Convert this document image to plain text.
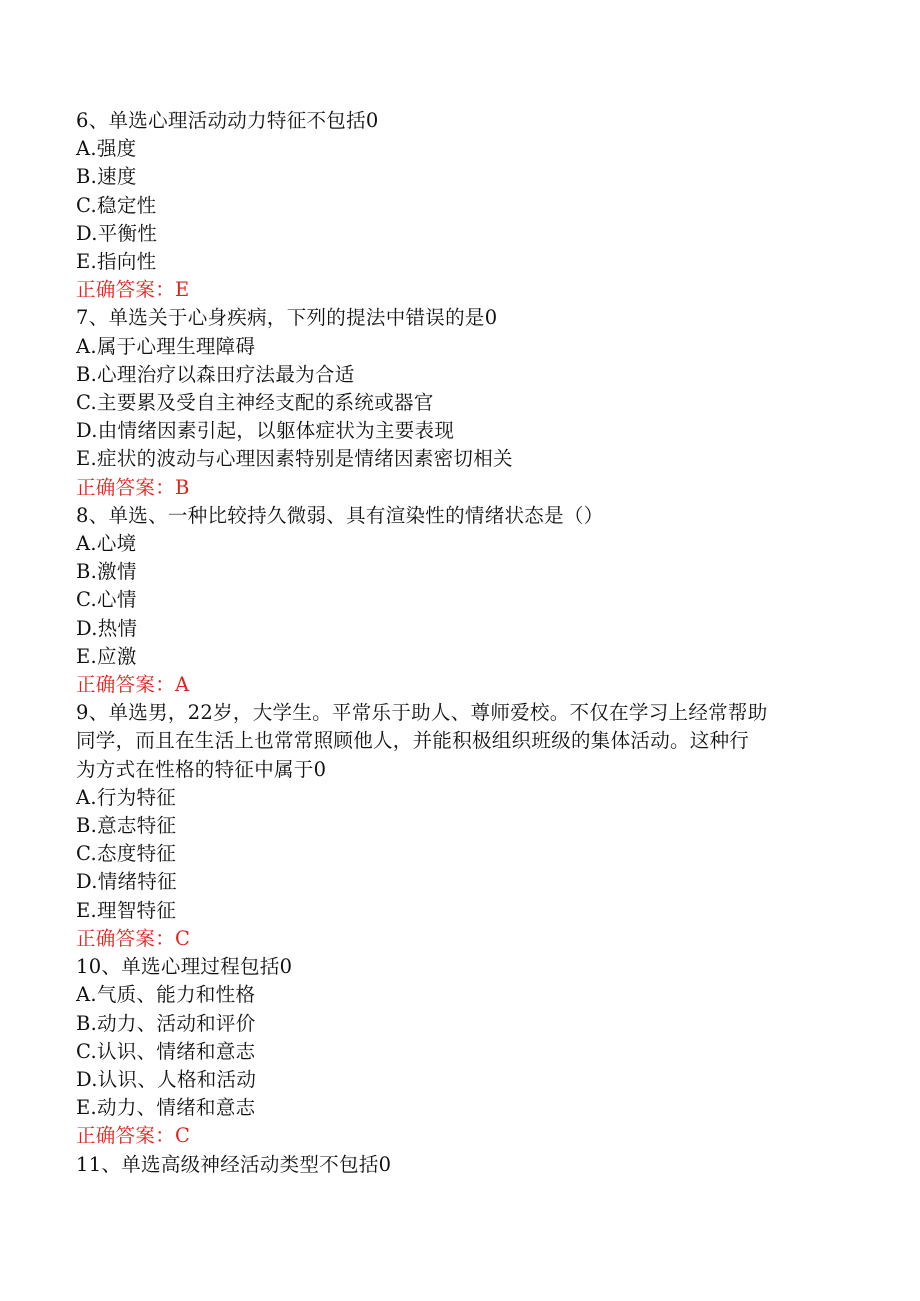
6、单选心理活动动力特征不包括0
A.强度
B.速度
C.稳定性
D.平衡性
E.指向性
正确答案：E
7、单选关于心身疾病，下列的提法中错误的是0
A.属于心理生理障碍
B.心理治疗以森田疗法最为合适
C.主要累及受自主神经支配的系统或器官
D.由情绪因素引起，以躯体症状为主要表现
E.症状的波动与心理因素特别是情绪因素密切相关
正确答案：B
8、单选、一种比较持久微弱、具有渲染性的情绪状态是（）
A.心境
B.激情
C.心情
D.热情
E.应激
正确答案：A
9、单选男，22岁，大学生。平常乐于助人、尊师爱校。不仅在学习上经常帮助
同学，而且在生活上也常常照顾他人，并能积极组织班级的集体活动。这种行
为方式在性格的特征中属于0
A.行为特征
B.意志特征
C.态度特征
D.情绪特征
E.理智特征
正确答案：C
10、单选心理过程包括0
A.气质、能力和性格
B.动力、活动和评价
C.认识、情绪和意志
D.认识、人格和活动
E.动力、情绪和意志
正确答案：C
11、单选高级神经活动类型不包括0
